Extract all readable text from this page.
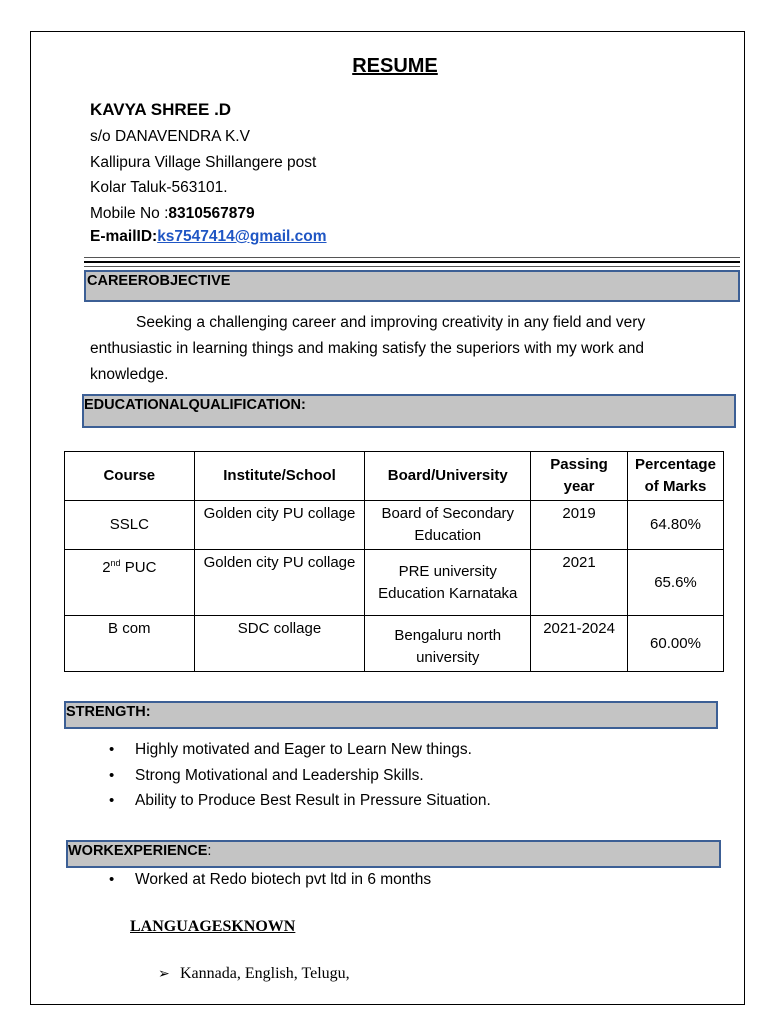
RESUME
KAVYA SHREE .D
s/o DANAVENDRA K.V
Kallipura Village Shillangere post
Kolar Taluk-563101.
Mobile No :8310567879
E-mailID:ks7547414@gmail.com
CAREEROBJECTIVE
Seeking a challenging career and improving creativity in any field and very enthusiastic in learning things and making satisfy the superiors with my work and knowledge.
EDUCATIONALQUALIFICATION:
Course	Institute/School	Board/University	Passing year	Percentage of Marks
SSLC	Golden city PU collage	Board of Secondary Education	2019	64.80%
2nd PUC	Golden city PU collage	PRE university Education Karnataka	2021	65.6%
B com	SDC collage	Bengaluru north university	2021-2024	60.00%
STRENGTH:
• Highly motivated and Eager to Learn New things.
• Strong Motivational and Leadership Skills.
• Ability to Produce Best Result in Pressure Situation.
WORKEXPERIENCE:
• Worked at Redo biotech pvt ltd in 6 months
LANGUAGESKNOWN
➢ Kannada, English, Telugu,
